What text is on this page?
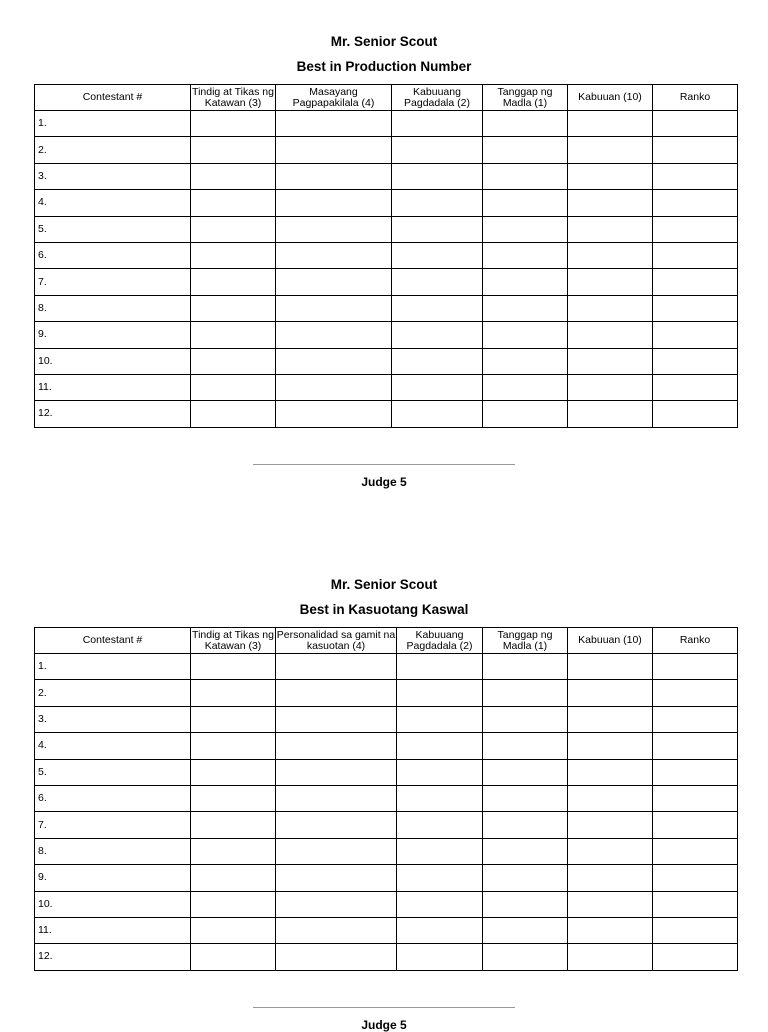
Mr. Senior Scout
Best in Production Number
Contestant #	Tindig at Tikas ng Katawan (3)	Masayang Pagpapakilala (4)	Kabuuang Pagdadala (2)	Tanggap ng Madla (1)	Kabuuan (10)	Ranko
1.						
2.						
3.						
4.						
5.						
6.						
7.						
8.						
9.						
10.						
11.						
12.						
Judge 5
Mr. Senior Scout
Best in Kasuotang Kaswal
Contestant #	Tindig at Tikas ng Katawan (3)	Personalidad sa gamit na kasuotan (4)	Kabuuang Pagdadala (2)	Tanggap ng Madla (1)	Kabuuan (10)	Ranko
1.						
2.						
3.						
4.						
5.						
6.						
7.						
8.						
9.						
10.						
11.						
12.						
Judge 5
